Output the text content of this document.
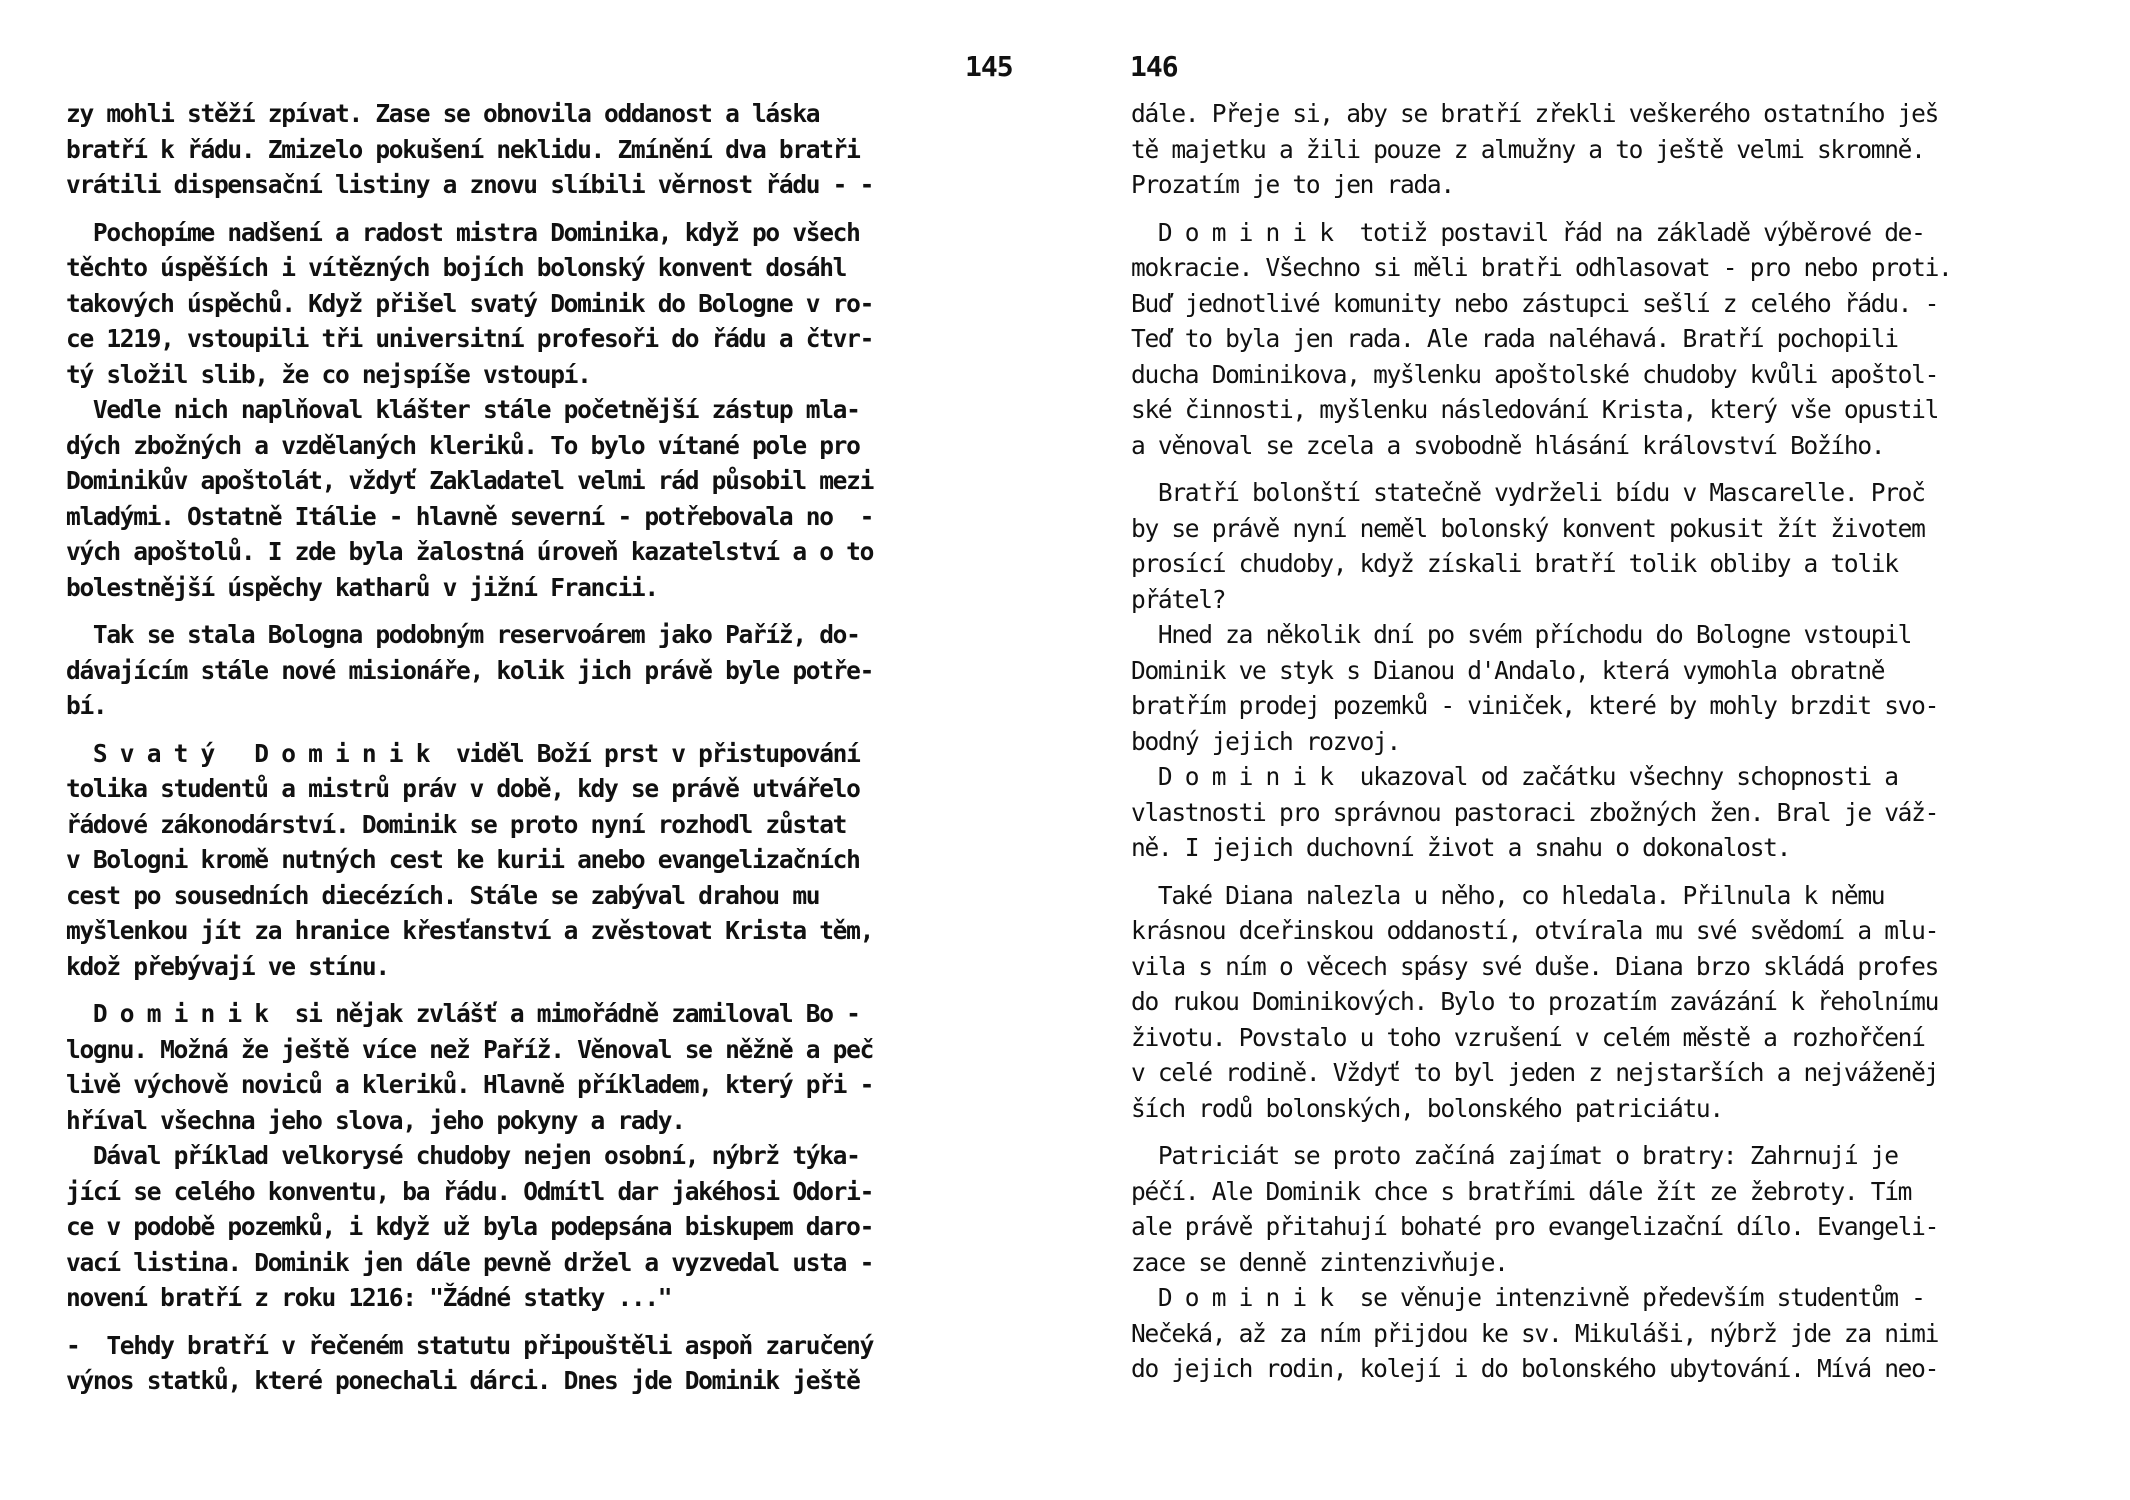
145
zy mohli stěží zpívat. Zase se obnovila oddanost a láska
bratří k řádu. Zmizelo pokušení neklidu. Zmínění dva bratři
vrátili dispensační listiny a znovu slíbili věrnost řádu - -
Pochopíme nadšení a radost mistra Dominika, když po všech
těchto úspěších i vítězných bojích bolonský konvent dosáhl
takových úspěchů. Když přišel svatý Dominik do Bologne v ro-
ce 1219, vstoupili tři universitní profesoři do řádu a čtvr-
tý složil slib, že co nejspíše vstoupí.
Vedle nich naplňoval klášter stále početnější zástup mla-
dých zbožných a vzdělaných kleriků. To bylo vítané pole pro
Dominikův apoštolát, vždyť Zakladatel velmi rád působil mezi
mladými. Ostatně Itálie - hlavně severní - potřebovala no  -
vých apoštolů. I zde byla žalostná úroveň kazatelství a o to
bolestnější úspěchy katharů v jižní Francii.
Tak se stala Bologna podobným reservoárem jako Paříž, do-
dávajícím stále nové misionáře, kolik jich právě byle potře-
bí.
S v a t ý   D o m i n i k  viděl Boží prst v přistupování
tolika studentů a mistrů práv v době, kdy se právě utvářelo
řádové zákonodárství. Dominik se proto nyní rozhodl zůstat
v Bologni kromě nutných cest ke kurii anebo evangelizačních
cest po sousedních diecézích. Stále se zabýval drahou mu
myšlenkou jít za hranice křesťanství a zvěstovat Krista těm,
kdož přebývají ve stínu.
D o m i n i k  si nějak zvlášť a mimořádně zamiloval Bo -
lognu. Možná že ještě více než Paříž. Věnoval se něžně a peč
livě výchově noviců a kleriků. Hlavně příkladem, který při -
hříval všechna jeho slova, jeho pokyny a rady.
Dával příklad velkorysé chudoby nejen osobní, nýbrž týka-
jící se celého konventu, ba řádu. Odmítl dar jakéhosi Odori-
ce v podobě pozemků, i když už byla podepsána biskupem darо-
vací listina. Dominik jen dále pevně držel a vyzvedal usta -
novení bratří z roku 1216: "Žádné statky ..."
-  Tehdy bratří v řečeném statutu připouštěli aspoň zaručený
výnos statků, které ponechali dárci. Dnes jde Dominik ještě
146
dále. Přeje si, aby se bratří zřekli veškerého ostatního ješ
tě majetku a žili pouze z almužny a to ještě velmi skromně.
Prozatím je to jen rada.
D o m i n i k  totiž postavil řád na základě výběrové de-
mokracie. Všechno si měli bratři odhlasovat - pro nebo proti.
Buď jednotlivé komunity nebo zástupci sešlí z celého řádu. -
Teď to byla jen rada. Ale rada naléhavá. Bratří pochopili
ducha Dominikova, myšlenku apoštolské chudoby kvůli apoštol-
ské činnosti, myšlenku následování Krista, který vše opustil
a věnoval se zcela a svobodně hlásání království Božího.
Bratří bolonští statečně vydrželi bídu v Mascarelle. Proč
by se právě nyní neměl bolonský konvent pokusit žít životem
prosící chudoby, když získali bratří tolik obliby a tolik
přátel?
Hned za několik dní po svém příchodu do Bologne vstoupil
Dominik ve styk s Dianou d'Andalo, která vymohla obratně
bratřím prodej pozemků - viniček, které by mohly brzdit svo-
bodný jejich rozvoj.
D o m i n i k  ukazoval od začátku všechny schopnosti a
vlastnosti pro správnou pastoraci zbožných žen. Bral je váž-
ně. I jejich duchovní život a snahu o dokonalost.
Také Diana nalezla u něho, co hledala. Přilnula k němu
krásnou dceřinskou oddaností, otvírala mu své svědomí a mlu-
vila s ním o věcech spásy své duše. Diana brzo skládá profes
do rukou Dominikových. Bylo to prozatím zavázání k řeholnímu
životu. Povstalo u toho vzrušení v celém městě a rozhořčení
v celé rodině. Vždyť to byl jeden z nejstarších a nejváženěj
ších rodů bolonských, bolonského patriciátu.
Patriciát se proto začíná zajímat o bratry: Zahrnují je
péčí. Ale Dominik chce s bratřími dále žít ze žebroty. Tím
ale právě přitahují bohaté pro evangelizační dílo. Evangeli-
zace se denně zintenzivňuje.
D o m i n i k  se věnuje intenzivně především studentům -
Nečeká, až za ním přijdou ke sv. Mikuláši, nýbrž jde za nimi
do jejich rodin, kolejí i do bolonského ubytování. Mívá neo-
